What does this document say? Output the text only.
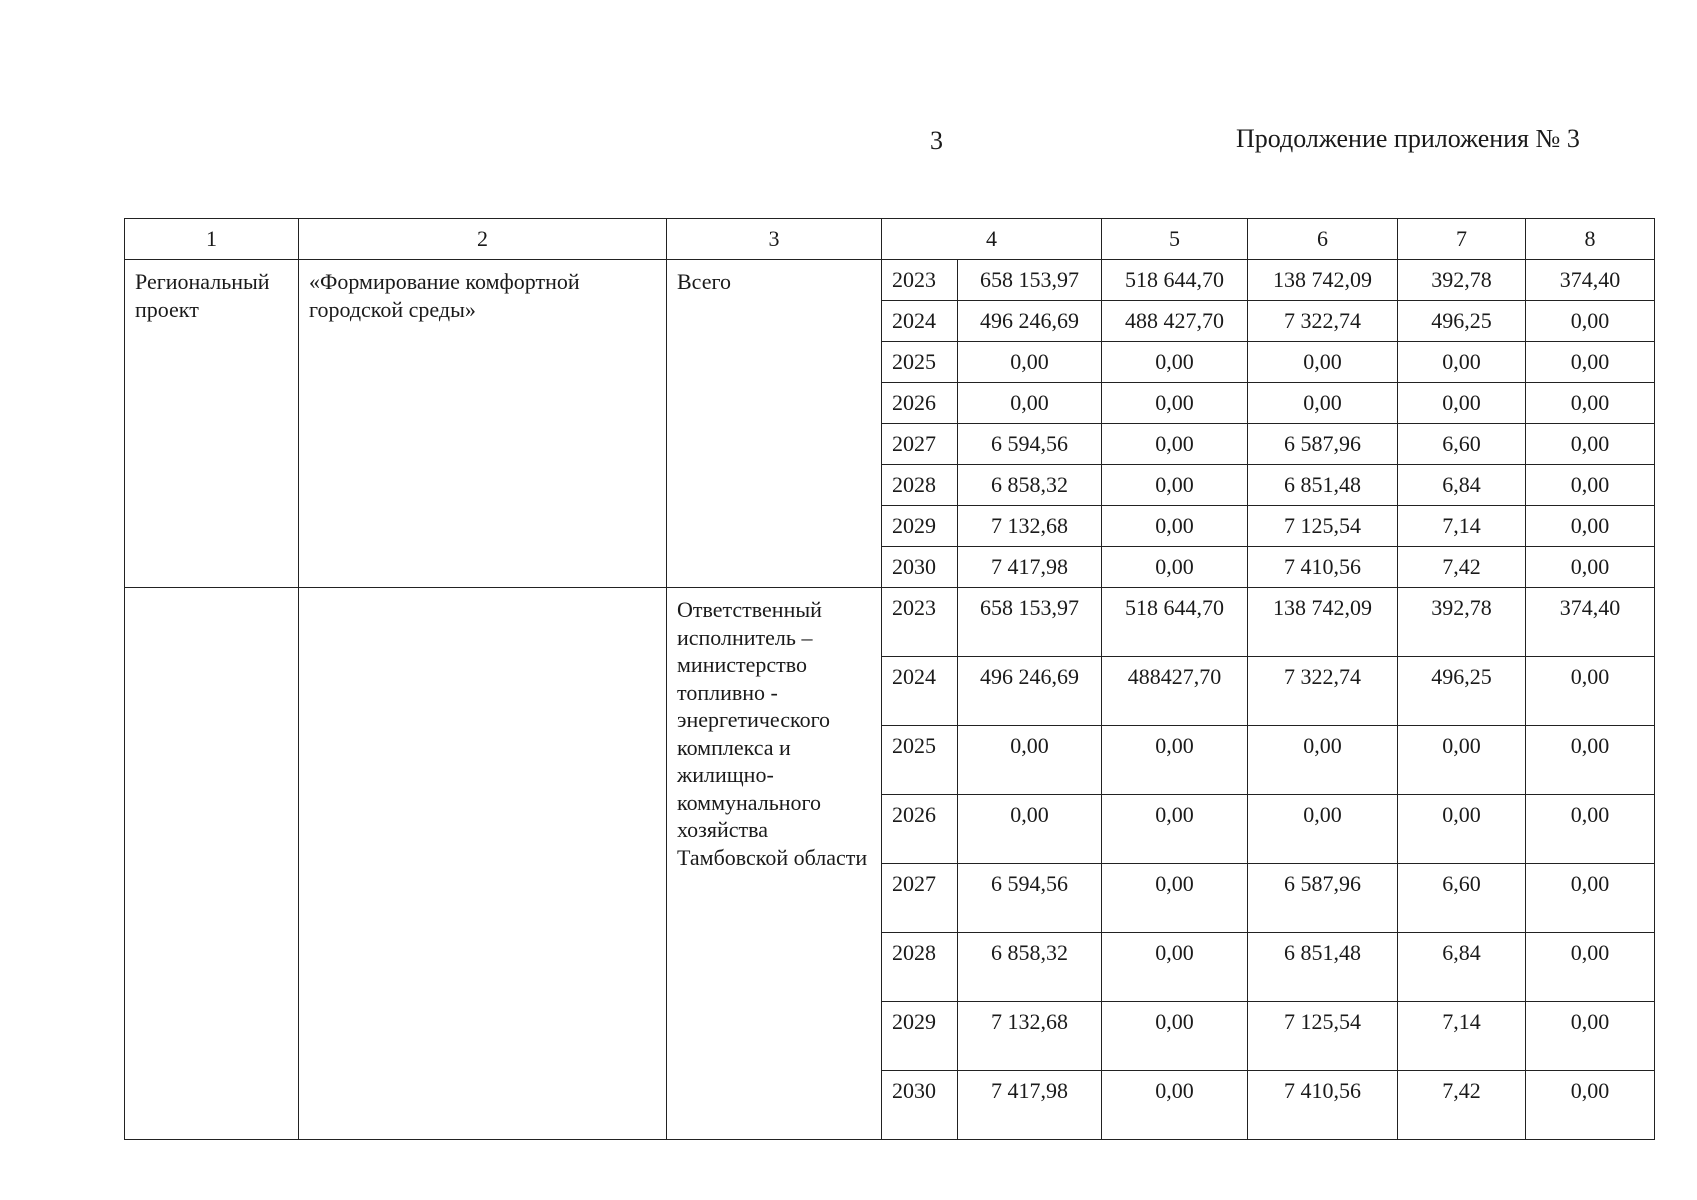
3	Продолжение приложения № 3
1	2	3	4		5	6	7	8

Региональный проект	«Формирование комфортной городской среды»	Всего	2023	658 153,97	518 644,70	138 742,09	392,78	374,40
			2024	496 246,69	488 427,70	7 322,74	496,25	0,00
			2025	0,00	0,00	0,00	0,00	0,00
			2026	0,00	0,00	0,00	0,00	0,00
			2027	6 594,56	0,00	6 587,96	6,60	0,00
			2028	6 858,32	0,00	6 851,48	6,84	0,00
			2029	7 132,68	0,00	7 125,54	7,14	0,00
			2030	7 417,98	0,00	7 410,56	7,42	0,00

		Ответственный исполнитель – министерство топливно - энергетического комплекса и жилищно-коммунального хозяйства Тамбовской области	2023	658 153,97	518 644,70	138 742,09	392,78	374,40
			2024	496 246,69	488427,70	7 322,74	496,25	0,00
			2025	0,00	0,00	0,00	0,00	0,00
			2026	0,00	0,00	0,00	0,00	0,00
			2027	6 594,56	0,00	6 587,96	6,60	0,00
			2028	6 858,32	0,00	6 851,48	6,84	0,00
			2029	7 132,68	0,00	7 125,54	7,14	0,00
			2030	7 417,98	0,00	7 410,56	7,42	0,00
